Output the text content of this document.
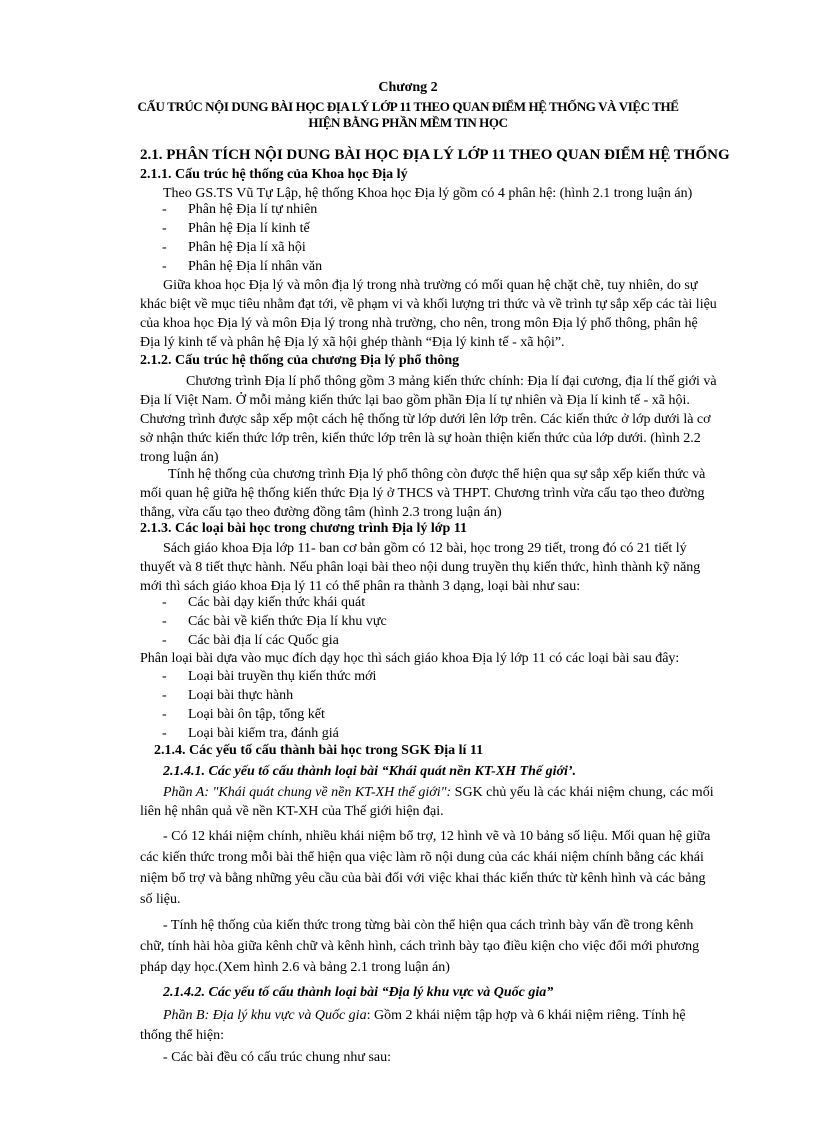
Chương 2
CẤU TRÚC NỘI DUNG BÀI HỌC ĐỊA LÝ LỚP 11 THEO QUAN ĐIỂM HỆ THỐNG VÀ VIỆC THỂ
HIỆN BẰNG PHẦN MỀM TIN HỌC
2.1. PHÂN TÍCH NỘI DUNG BÀI HỌC ĐỊA LÝ LỚP 11 THEO QUAN ĐIỂM HỆ THỐNG
2.1.1. Cấu trúc hệ thống của Khoa học Địa lý
Theo GS.TS Vũ Tự Lập, hệ thống Khoa học Địa lý gồm có 4 phân hệ: (hình 2.1 trong luận án)
- Phân hệ Địa lí tự nhiên
- Phân hệ Địa lí kinh tế
- Phân hệ Địa lí xã hội
- Phân hệ Địa lí nhân văn
Giữa khoa học Địa lý và môn địa lý trong nhà trường có mối quan hệ chặt chẽ, tuy nhiên, do sự
khác biệt về mục tiêu nhằm đạt tới, về phạm vi và khối lượng tri thức và về trình tự sắp xếp các tài liệu
của khoa học Địa lý và môn Địa lý trong nhà trường, cho nên, trong môn Địa lý phổ thông, phân hệ
Địa lý kinh tế và phân hệ Địa lý xã hội ghép thành “Địa lý kinh tế - xã hội”.
2.1.2. Cấu trúc hệ thống của chương Địa lý phổ thông
Chương trình Địa lí phổ thông gồm 3 mảng kiến thức chính: Địa lí đại cương, địa lí thế giới và
Địa lí Việt Nam. Ở mỗi mảng kiến thức lại bao gồm phần Địa lí tự nhiên và Địa lí kinh tế - xã hội.
Chương trình được sắp xếp một cách hệ thống từ lớp dưới lên lớp trên. Các kiến thức ở lớp dưới là cơ
sở nhận thức kiến thức lớp trên, kiến thức lớp trên là sự hoàn thiện kiến thức của lớp dưới. (hình 2.2
trong luận án)
Tính hệ thống của chương trình Địa lý phổ thông còn được thể hiện qua sự sắp xếp kiến thức và
mối quan hệ giữa hệ thống kiến thức Địa lý ở THCS và THPT. Chương trình vừa cấu tạo theo đường
thẳng, vừa cấu tạo theo đường đồng tâm (hình 2.3 trong luận án)
2.1.3. Các loại bài học trong chương trình Địa lý lớp 11
Sách giáo khoa Địa lớp 11- ban cơ bản gồm có 12 bài, học trong 29 tiết, trong đó có 21 tiết lý
thuyết và 8 tiết thực hành. Nếu phân loại bài theo nội dung truyền thụ kiến thức, hình thành kỹ năng
mới thì sách giáo khoa Địa lý 11 có thể phân ra thành 3 dạng, loại bài như sau:
- Các bài dạy kiến thức khái quát
- Các bài về kiến thức Địa lí khu vực
- Các bài địa lí các Quốc gia
Phân loại bài dựa vào mục đích dạy học thì sách giáo khoa Địa lý lớp 11 có các loại bài sau đây:
- Loại bài truyền thụ kiến thức mới
- Loại bài thực hành
- Loại bài ôn tập, tổng kết
- Loại bài kiểm tra, đánh giá
2.1.4. Các yếu tố cấu thành bài học trong SGK Địa lí 11
2.1.4.1. Các yếu tố cấu thành loại bài “Khái quát nền KT-XH Thế giới’.
Phần A: "Khái quát chung về nền KT-XH thế giới": SGK chủ yếu là các khái niệm chung, các mối
liên hệ nhân quả về nền KT-XH của Thế giới hiện đại.
- Có 12 khái niệm chính, nhiều khái niệm bổ trợ, 12 hình vẽ và 10 bảng số liệu. Mối quan hệ giữa
các kiến thức trong mỗi bài thể hiện qua việc làm rõ nội dung của các khái niệm chính bằng các khái
niệm bổ trợ và bằng những yêu cầu của bài đối với việc khai thác kiến thức từ kênh hình và các bảng
số liệu.
- Tính hệ thống của kiến thức trong từng bài còn thể hiện qua cách trình bày vấn đề trong kênh
chữ, tính hài hòa giữa kênh chữ và kênh hình, cách trình bày tạo điều kiện cho việc đổi mới phương
pháp dạy học.(Xem hình 2.6 và bảng 2.1 trong luận án)
2.1.4.2. Các yếu tố cấu thành loại bài “Địa lý khu vực và Quốc gia”
Phần B: Địa lý khu vực và Quốc gia: Gồm 2 khái niệm tập hợp và 6 khái niệm riêng. Tính hệ
thống thể hiện:
- Các bài đều có cấu trúc chung như sau:
